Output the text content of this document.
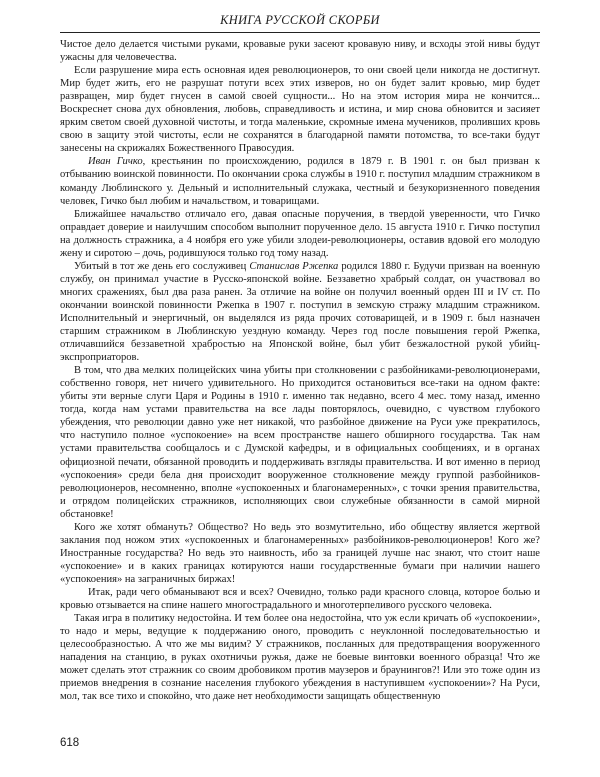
КНИГА РУССКОЙ СКОРБИ

Чистое дело делается чистыми руками, кровавые руки засеют кровавую ниву, и всходы этой нивы будут ужасны для человечества.

Если разрушение мира есть основная идея революционеров, то они своей цели никогда не достигнут. Мир будет жить, его не разрушат потуги всех этих изверов, но он будет залит кровью, мир будет развращен, мир будет гнусен в самой своей сущности... Но на этом история мира не кончится... Воскреснет снова дух обновления, любовь, справедливость и истина, и мир снова обновится и засияет ярким светом своей духовной чистоты, и тогда маленькие, скромные имена мучеников, проливших кровь свою в защиту этой чистоты, если не сохранятся в благодарной памяти потомства, то все-таки будут занесены на скрижалях Божественного Правосудия.

Иван Гичко, крестьянин по происхождению, родился в 1879 г. В 1901 г. он был призван к отбыванию воинской повинности. По окончании срока службы в 1910 г. поступил младшим стражником в команду Люблинского у. Дельный и исполнительный служака, честный и безукоризненного поведения человек, Гичко был любим и начальством, и товарищами.

Ближайшее начальство отличало его, давая опасные поручения, в твердой уверенности, что Гичко оправдает доверие и наилучшим способом выполнит порученное дело. 15 августа 1910 г. Гичко поступил на должность стражника, а 4 ноября его уже убили злодеи-революционеры, оставив вдовой его молодую жену и сиротою – дочь, родившуюся только год тому назад.

Убитый в тот же день его сослуживец Станислав Ржепка родился 1880 г. Будучи призван на военную службу, он принимал участие в Русско-японской войне. Беззаветно храбрый солдат, он участвовал во многих сражениях, был два раза ранен. За отличие на войне он получил военный орден III и IV ст. По окончании воинской повинности Ржепка в 1907 г. поступил в земскую стражу младшим стражником. Исполнительный и энергичный, он выделялся из ряда прочих сотоварищей, и в 1909 г. был назначен старшим стражником в Люблинскую уездную команду. Через год после повышения герой Ржепка, отличавшийся беззаветной храбростью на Японской войне, был убит безжалостной рукой убийц-экспроприаторов.

В том, что два мелких полицейских чина убиты при столкновении с разбойниками-революционерами, собственно говоря, нет ничего удивительного. Но приходится остановиться все-таки на одном факте: убиты эти верные слуги Царя и Родины в 1910 г. именно так недавно, всего 4 мес. тому назад, именно тогда, когда нам устами правительства на все лады повторялось, очевидно, с чувством глубокого убеждения, что революции давно уже нет никакой, что разбойное движение на Руси уже прекратилось, что наступило полное «успокоение» на всем пространстве нашего обширного государства. Так нам устами правительства сообщалось и с Думской кафедры, и в официальных сообщениях, и в органах официозной печати, обязанной проводить и поддерживать взгляды правительства. И вот именно в период «успокоения» среди бела дня происходит вооруженное столкновение между группой разбойников-революционеров, несомненно, вполне «успокоенных и благонамеренных», с точки зрения правительства, и отрядом полицейских стражников, исполняющих свои служебные обязанности в самой мирной обстановке!

Кого же хотят обмануть? Общество? Но ведь это возмутительно, ибо обществу является жертвой заклания под ножом этих «успокоенных и благонамеренных» разбойников-революционеров! Кого же? Иностранные государства? Но ведь это наивность, ибо за границей лучше нас знают, что стоит наше «успокоение» и в каких границах котируются наши государственные бумаги при наличии нашего «успокоения» на заграничных биржах!

Итак, ради чего обманывают вся и всех? Очевидно, только ради красного словца, которое болью и кровью отзывается на спине нашего многострадального и многотерпеливого русского человека.

Такая игра в политику недостойна. И тем более она недостойна, что уж если кричать об «успокоении», то надо и меры, ведущие к поддержанию оного, проводить с неуклонной последовательностью и целесообразностью. А что же мы видим? У стражников, посланных для предотвращения вооруженного нападения на станцию, в руках охотничьи ружья, даже не боевые винтовки военного образца! Что же может сделать этот стражник со своим дробовиком против маузеров и браунингов?! Или это тоже один из приемов внедрения в сознание населения глубокого убеждения в наступившем «успокоении»? На Руси, мол, так все тихо и спокойно, что даже нет необходимости защищать общественную

618
